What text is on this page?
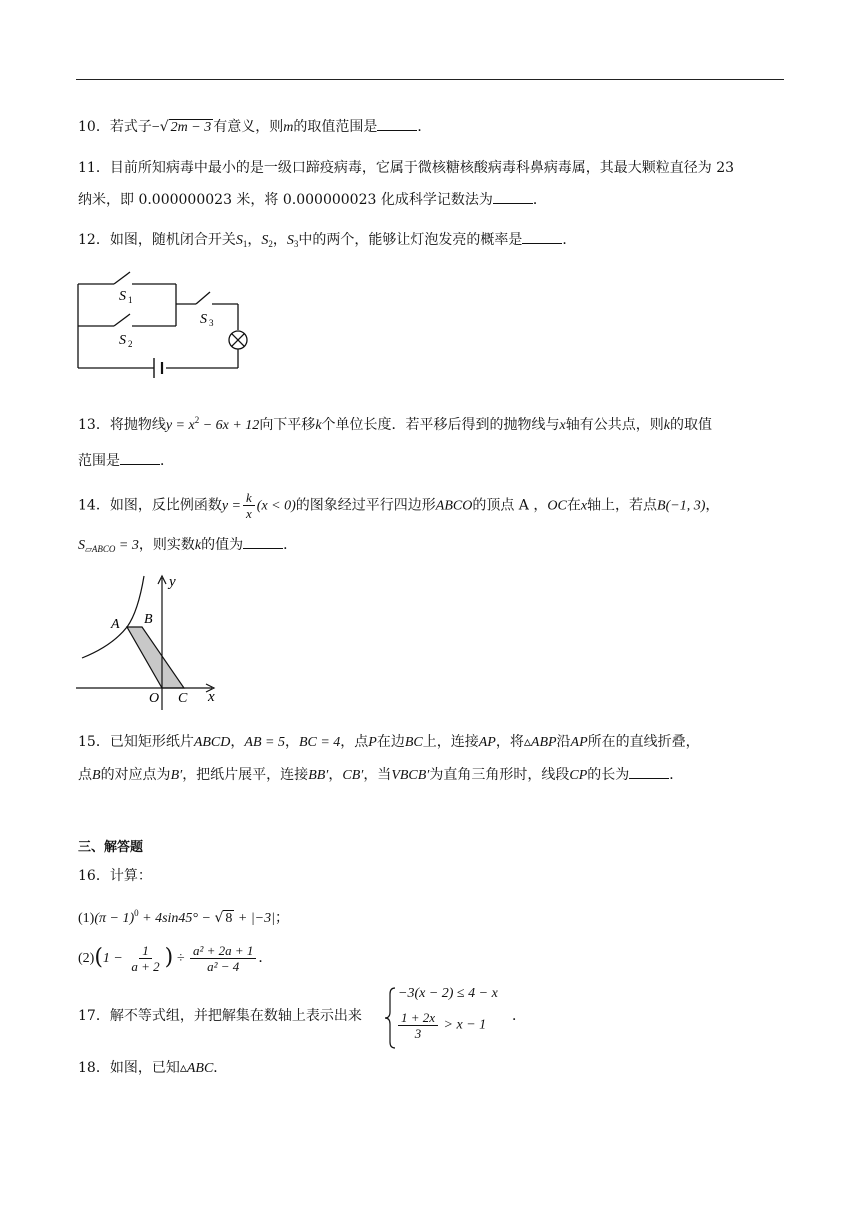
10．若式子−√ 2m − 3 有意义，则m的取值范围是	．
11．目前所知病毒中最小的是一级口蹄疫病毒，它属于微核糖核酸病毒科鼻病毒属，其最大颗粒直径为 23
纳米，即 0.000000023 米，将 0.000000023 化成科学记数法为	．
12．如图，随机闭合开关$S_1$，$S_2$，$S_3$中的两个，能够让灯泡发亮的概率是	．
S 1
S 2
S 3
13．将抛物线$y = x^2 - 6x + 12$向下平移k个单位长度．若平移后得到的抛物线与x轴有公共点，则k的取值
范围是	．
14．如图，反比例函数$y = \frac{k}{x} (x < 0)$的图象经过平行四边形ABCO的顶点 A ，OC在x轴上，若点B(−1, 3)，
$S_{▱ABCO} = 3$，则实数k的值为	．
y
x
A B
O C
15．已知矩形纸片ABCD，AB = 5，BC = 4，点P在边BC上，连接AP，将▵ABP沿AP所在的直线折叠，
点B的对应点为B′，把纸片展平，连接BB′，CB′，当VBCB′为直角三角形时，线段CP的长为	．
三、解答题
16．计算：
$(1)(\pi - 1)^0 + 4\sin 45^\circ$ − √ 8 + |−3|；
$(2)(1 - \frac{1}{a + 2}$ ) ÷ $\frac{\text{a² + 2a + 1}}{\text{a² − 4}}$ ．
17．解不等式组，并把解集在数轴上表示出来
−3(x − 2) ≤ 4 − x
$\frac{1 + 2x}{3} > x - 1$
．
18．如图，已知▵ABC．
